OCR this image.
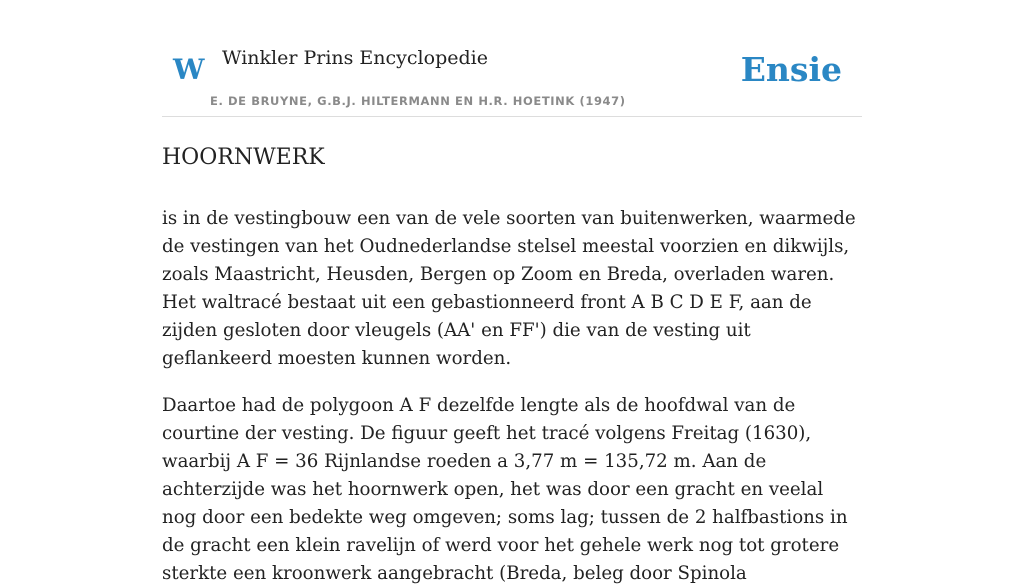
W Winkler Prins Encyclopedie
E. DE BRUYNE, G.B.J. HILTERMANN EN H.R. HOETINK (1947)
Ensie
HOORNWERK

is in de vestingbouw een van de vele soorten van buitenwerken, waarmede de vestingen van het Oudnederlandse stelsel meestal voorzien en dikwijls, zoals Maastricht, Heusden, Bergen op Zoom en Breda, overladen waren. Het waltracé bestaat uit een gebastionneerd front A B C D E F, aan de zijden gesloten door vleugels (AA' en FF') die van de vesting uit geflankeerd moesten kunnen worden.

Daartoe had de polygoon A F dezelfde lengte als de hoofdwal van de courtine der vesting. De figuur geeft het tracé volgens Freitag (1630), waarbij A F = 36 Rijnlandse roeden a 3,77 m = 135,72 m. Aan de achterzijde was het hoornwerk open, het was door een gracht en veelal nog door een bedekte weg omgeven; soms lag; tussen de 2 halfbastions in de gracht een klein ravelijn of werd voor het gehele werk nog tot grotere sterkte een kroonwerk aangebracht (Breda, beleg door Spinola
